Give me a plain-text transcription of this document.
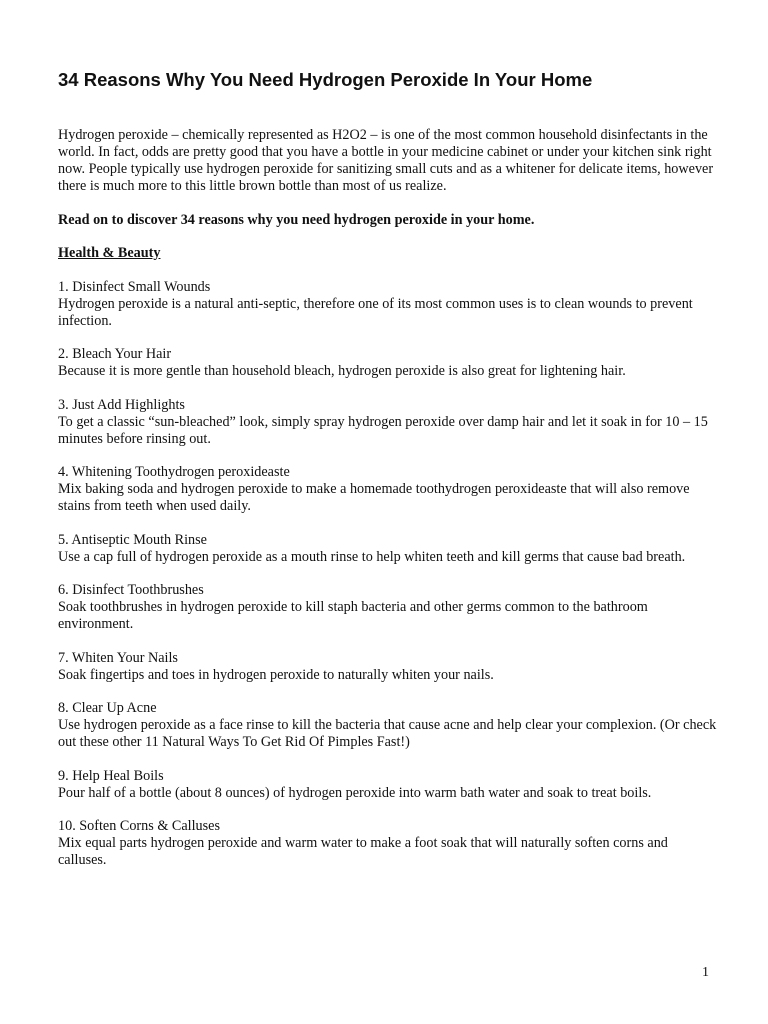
34 Reasons Why You Need Hydrogen Peroxide In Your Home

Hydrogen peroxide – chemically represented as H2O2 – is one of the most common household disinfectants in the world. In fact, odds are pretty good that you have a bottle in your medicine cabinet or under your kitchen sink right now. People typically use hydrogen peroxide for sanitizing small cuts and as a whitener for delicate items, however there is much more to this little brown bottle than most of us realize.

Read on to discover 34 reasons why you need hydrogen peroxide in your home.

Health & Beauty

1. Disinfect Small Wounds
Hydrogen peroxide is a natural anti-septic, therefore one of its most common uses is to clean wounds to prevent infection.
2. Bleach Your Hair
Because it is more gentle than household bleach, hydrogen peroxide is also great for lightening hair.
3. Just Add Highlights
To get a classic “sun-bleached” look, simply spray hydrogen peroxide over damp hair and let it soak in for 10 – 15 minutes before rinsing out.
4. Whitening Toothydrogen peroxideaste
Mix baking soda and hydrogen peroxide to make a homemade toothydrogen peroxideaste that will also remove stains from teeth when used daily.
5. Antiseptic Mouth Rinse
Use a cap full of hydrogen peroxide as a mouth rinse to help whiten teeth and kill germs that cause bad breath.
6. Disinfect Toothbrushes
Soak toothbrushes in hydrogen peroxide to kill staph bacteria and other germs common to the bathroom environment.
7. Whiten Your Nails
Soak fingertips and toes in hydrogen peroxide to naturally whiten your nails.
8. Clear Up Acne
Use hydrogen peroxide as a face rinse to kill the bacteria that cause acne and help clear your complexion. (Or check out these other 11 Natural Ways To Get Rid Of Pimples Fast!)
9. Help Heal Boils
Pour half of a bottle (about 8 ounces) of hydrogen peroxide into warm bath water and soak to treat boils.
10. Soften Corns & Calluses
Mix equal parts hydrogen peroxide and warm water to make a foot soak that will naturally soften corns and calluses.
1
